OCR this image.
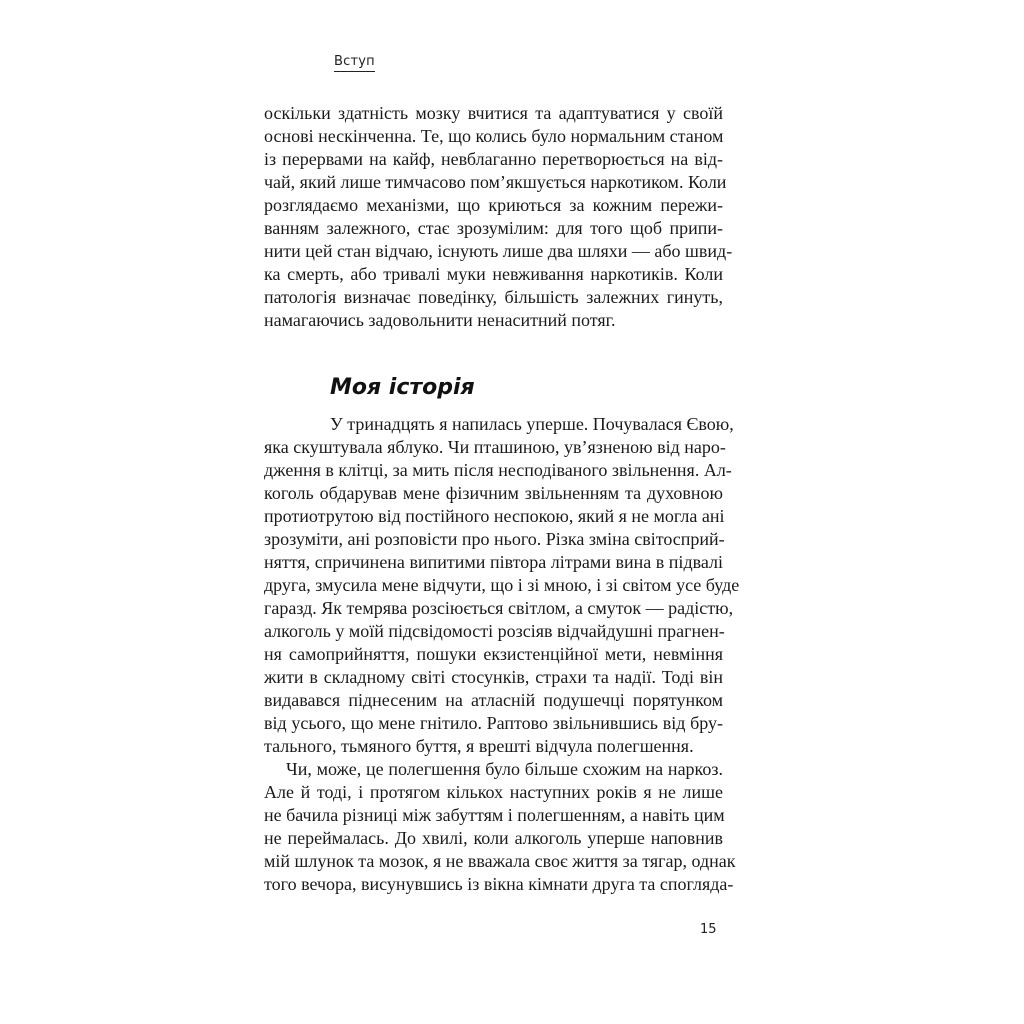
Вступ
оскільки здатність мозку вчитися та адаптуватися у своїй
основі нескінченна. Те, що колись було нормальним станом
із перервами на кайф, невблаганно перетворюється на від-
чай, який лише тимчасово пом’якшується наркотиком. Коли
розглядаємо механізми, що криються за кожним пережи-
ванням залежного, стає зрозумілим: для того щоб припи-
нити цей стан відчаю, існують лише два шляхи — або швид-
ка смерть, або тривалі муки невживання наркотиків. Коли
патологія визначає поведінку, більшість залежних гинуть,
намагаючись задовольнити ненаситний потяг.
Моя історія
У тринадцять я напилась уперше. Почувалася Євою,
яка скуштувала яблуко. Чи пташиною, ув’язненою від наро-
дження в клітці, за мить після несподіваного звільнення. Ал-
коголь обдарував мене фізичним звільненням та духовною
протиотрутою від постійного неспокою, який я не могла ані
зрозуміти, ані розповісти про нього. Різка зміна світосприй-
няття, спричинена випитими півтора літрами вина в підвалі
друга, змусила мене відчути, що і зі мною, і зі світом усе буде
гаразд. Як темрява розсіюється світлом, а смуток — радістю,
алкоголь у моїй підсвідомості розсіяв відчайдушні прагнен-
ня самоприйняття, пошуки екзистенційної мети, невміння
жити в складному світі стосунків, страхи та надії. Тоді він
видавався піднесеним на атласній подушечці порятунком
від усього, що мене гнітило. Раптово звільнившись від бру-
тального, тьмяного буття, я врешті відчула полегшення.
Чи, може, це полегшення було більше схожим на наркоз.
Але й тоді, і протягом кількох наступних років я не лише
не бачила різниці між забуттям і полегшенням, а навіть цим
не переймалась. До хвилі, коли алкоголь уперше наповнив
мій шлунок та мозок, я не вважала своє життя за тягар, однак
того вечора, висунувшись із вікна кімнати друга та спогляда-
15
